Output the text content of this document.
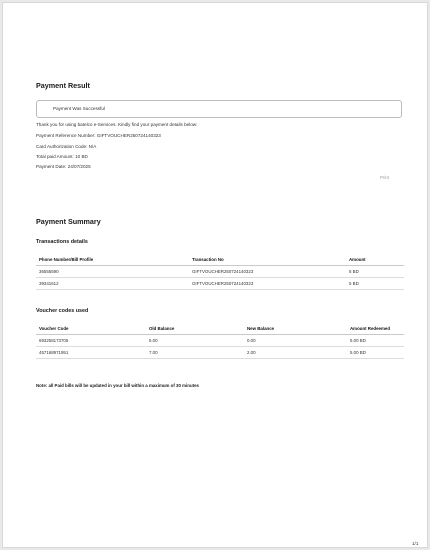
Payment Result
Payment Was Successful
Thank you for using batelco e-Services. Kindly find your payment details below:
Payment Reference Number: GIFTVOUCHER250724140323
Card Authorization Code: N/A
Total paid Amount: 10 BD
Payment Date: 24/07/2025
Print
Payment Summary
Transactions details
Phone Number/Bill Profile	Transaction No	Amount
36555590	GIFTVOUCHER250724140323	5 BD
39341612	GIFTVOUCHER250724140323	5 BD
Voucher codes used
Voucher Code	Old Balance	New Balance	Amount Redeemed
693258173705	5.00	0.00	5.00 BD
457168971951	7.00	2.00	5.00 BD
Note: all Paid bills will be updated in your bill within a maximum of 30 minutes
1/1
